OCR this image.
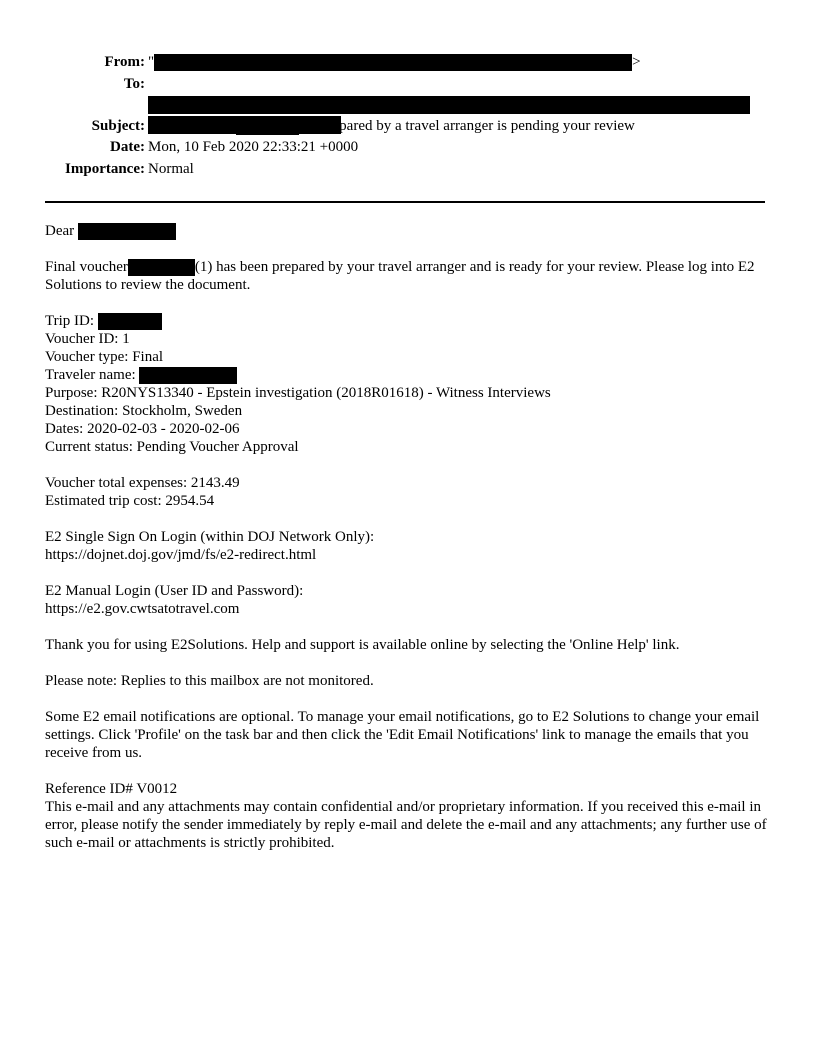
From: "	>
To:
Subject: Final Voucher	(1) prepared by a travel arranger is pending your review
Date: Mon, 10 Feb 2020 22:33:21 +0000
Importance: Normal

Dear

Final voucher	(1) has been prepared by your travel arranger and is ready for your review. Please log into E2 Solutions to review the document.

Trip ID:

Voucher ID: 1

Voucher type: Final

Traveler name:

Purpose: R20NYS13340 - Epstein investigation (2018R01618) - Witness Interviews

Destination: Stockholm, Sweden

Dates: 2020-02-03 - 2020-02-06

Current status: Pending Voucher Approval

Voucher total expenses: 2143.49

Estimated trip cost: 2954.54

E2 Single Sign On Login (within DOJ Network Only):

https://dojnet.doj.gov/jmd/fs/e2-redirect.html

E2 Manual Login (User ID and Password):

https://e2.gov.cwtsatotravel.com

Thank you for using E2Solutions. Help and support is available online by selecting the 'Online Help' link.

Please note: Replies to this mailbox are not monitored.

Some E2 email notifications are optional. To manage your email notifications, go to E2 Solutions to change your email settings. Click 'Profile' on the task bar and then click the 'Edit Email Notifications' link to manage the emails that you receive from us.

Reference ID# V0012

This e-mail and any attachments may contain confidential and/or proprietary information. If you received this e-mail in error, please notify the sender immediately by reply e-mail and delete the e-mail and any attachments; any further use of such e-mail or attachments is strictly prohibited.
